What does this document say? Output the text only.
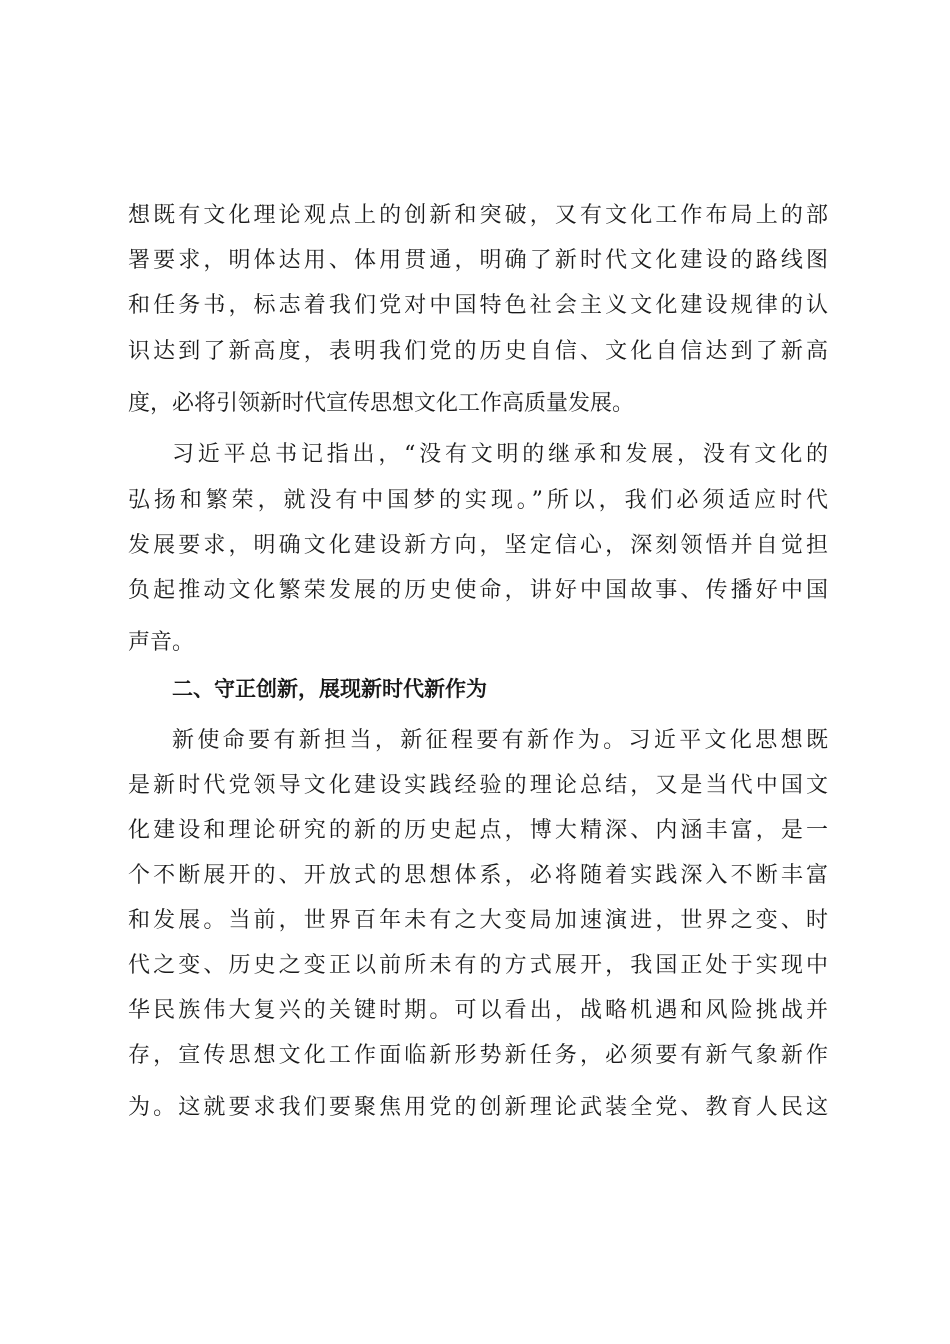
想既有文化理论观点上的创新和突破，又有文化工作布局上的部
署要求，明体达用、体用贯通，明确了新时代文化建设的路线图
和任务书，标志着我们党对中国特色社会主义文化建设规律的认
识达到了新高度，表明我们党的历史自信、文化自信达到了新高
度，必将引领新时代宣传思想文化工作高质量发展。
习近平总书记指出，“没有文明的继承和发展，没有文化的
弘扬和繁荣，就没有中国梦的实现。”所以，我们必须适应时代
发展要求，明确文化建设新方向，坚定信心，深刻领悟并自觉担
负起推动文化繁荣发展的历史使命，讲好中国故事、传播好中国
声音。
二、守正创新，展现新时代新作为
新使命要有新担当，新征程要有新作为。习近平文化思想既
是新时代党领导文化建设实践经验的理论总结，又是当代中国文
化建设和理论研究的新的历史起点，博大精深、内涵丰富，是一
个不断展开的、开放式的思想体系，必将随着实践深入不断丰富
和发展。当前，世界百年未有之大变局加速演进，世界之变、时
代之变、历史之变正以前所未有的方式展开，我国正处于实现中
华民族伟大复兴的关键时期。可以看出，战略机遇和风险挑战并
存，宣传思想文化工作面临新形势新任务，必须要有新气象新作
为。这就要求我们要聚焦用党的创新理论武装全党、教育人民这
